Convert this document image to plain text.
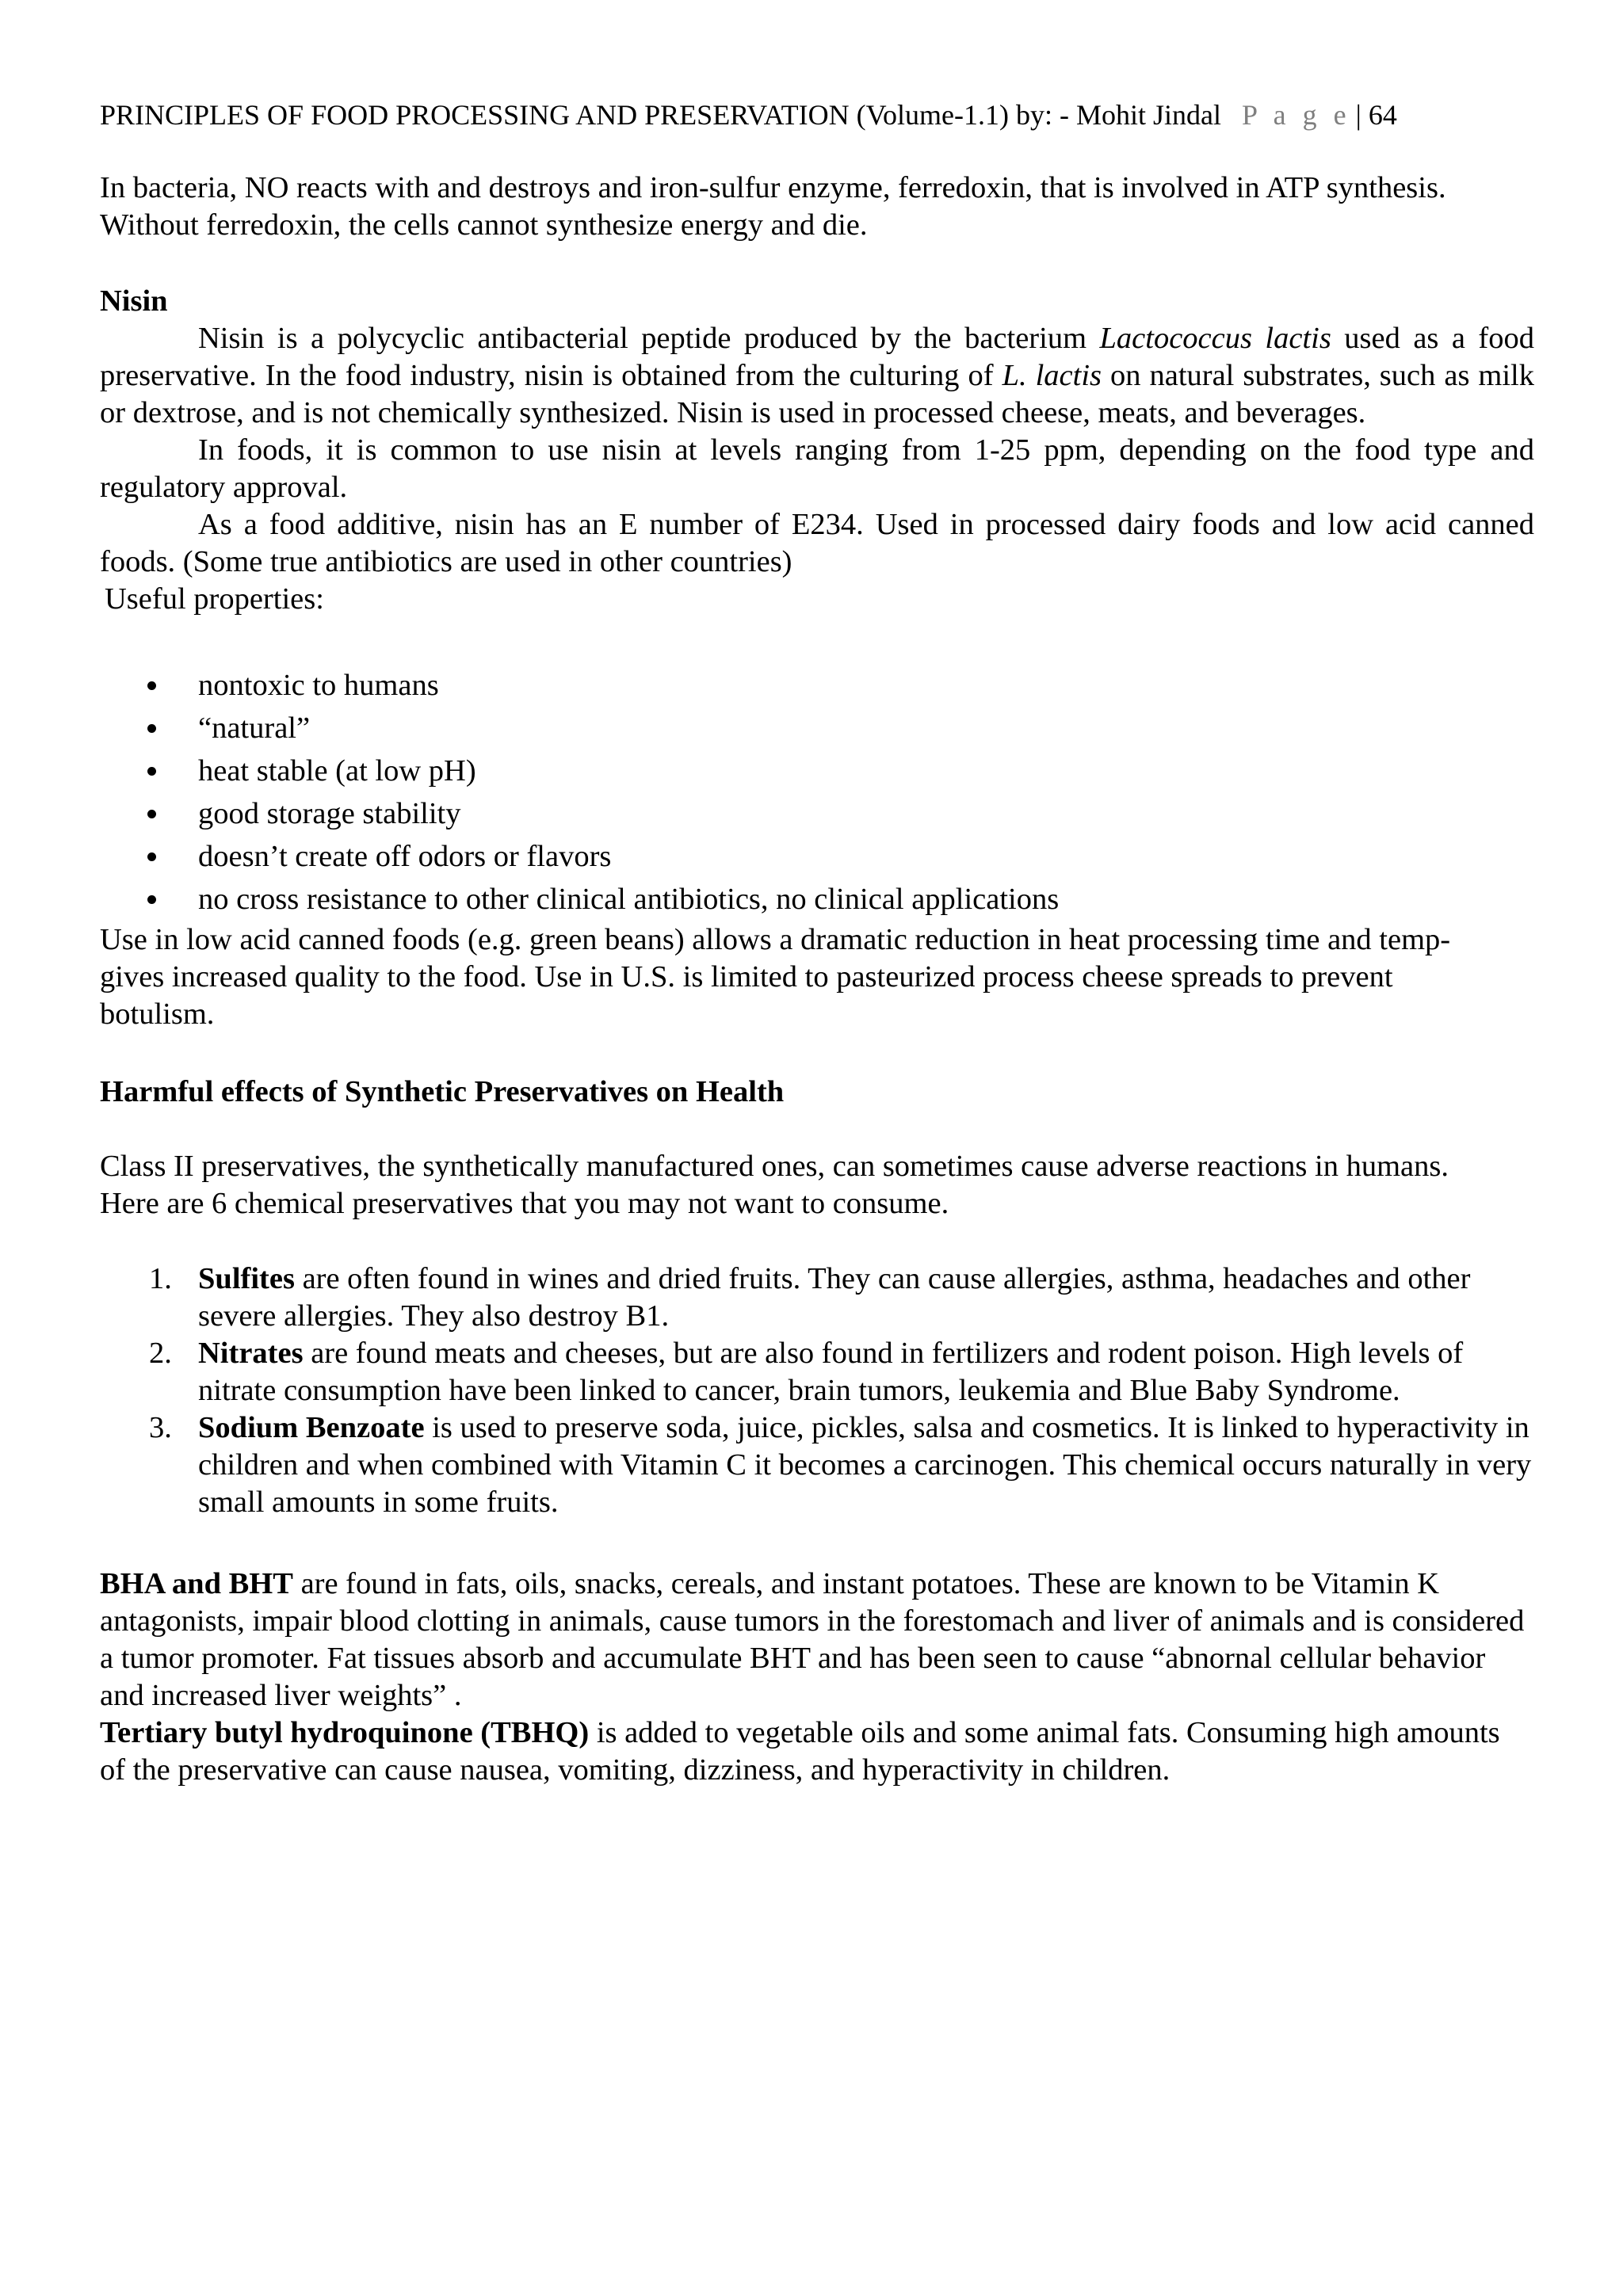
PRINCIPLES OF FOOD PROCESSING AND PRESERVATION (Volume-1.1) by: - Mohit Jindal P a g e | 64

In bacteria, NO reacts with and destroys and iron-sulfur enzyme, ferredoxin, that is involved in ATP synthesis. Without ferredoxin, the cells cannot synthesize energy and die.

Nisin

Nisin is a polycyclic antibacterial peptide produced by the bacterium Lactococcus lactis used as a food preservative. In the food industry, nisin is obtained from the culturing of L. lactis on natural substrates, such as milk or dextrose, and is not chemically synthesized. Nisin is used in processed cheese, meats, and beverages.

In foods, it is common to use nisin at levels ranging from 1-25 ppm, depending on the food type and regulatory approval.

As a food additive, nisin has an E number of E234. Used in processed dairy foods and low acid canned foods. (Some true antibiotics are used in other countries)

Useful properties:

nontoxic to humans
“natural”
heat stable (at low pH)
good storage stability
doesn’t create off odors or flavors
no cross resistance to other clinical antibiotics, no clinical applications

Use in low acid canned foods (e.g. green beans) allows a dramatic reduction in heat processing time and temp-gives increased quality to the food. Use in U.S. is limited to pasteurized process cheese spreads to prevent botulism.

Harmful effects of Synthetic Preservatives on Health

Class II preservatives, the synthetically manufactured ones, can sometimes cause adverse reactions in humans. Here are 6 chemical preservatives that you may not want to consume.

1. Sulfites are often found in wines and dried fruits. They can cause allergies, asthma, headaches and other severe allergies. They also destroy B1.
2. Nitrates are found meats and cheeses, but are also found in fertilizers and rodent poison. High levels of nitrate consumption have been linked to cancer, brain tumors, leukemia and Blue Baby Syndrome.
3. Sodium Benzoate is used to preserve soda, juice, pickles, salsa and cosmetics. It is linked to hyperactivity in children and when combined with Vitamin C it becomes a carcinogen. This chemical occurs naturally in very small amounts in some fruits.

BHA and BHT are found in fats, oils, snacks, cereals, and instant potatoes. These are known to be Vitamin K antagonists, impair blood clotting in animals, cause tumors in the forestomach and liver of animals and is considered a tumor promoter. Fat tissues absorb and accumulate BHT and has been seen to cause “abnornal cellular behavior and increased liver weights” .

Tertiary butyl hydroquinone (TBHQ) is added to vegetable oils and some animal fats. Consuming high amounts of the preservative can cause nausea, vomiting, dizziness, and hyperactivity in children.
